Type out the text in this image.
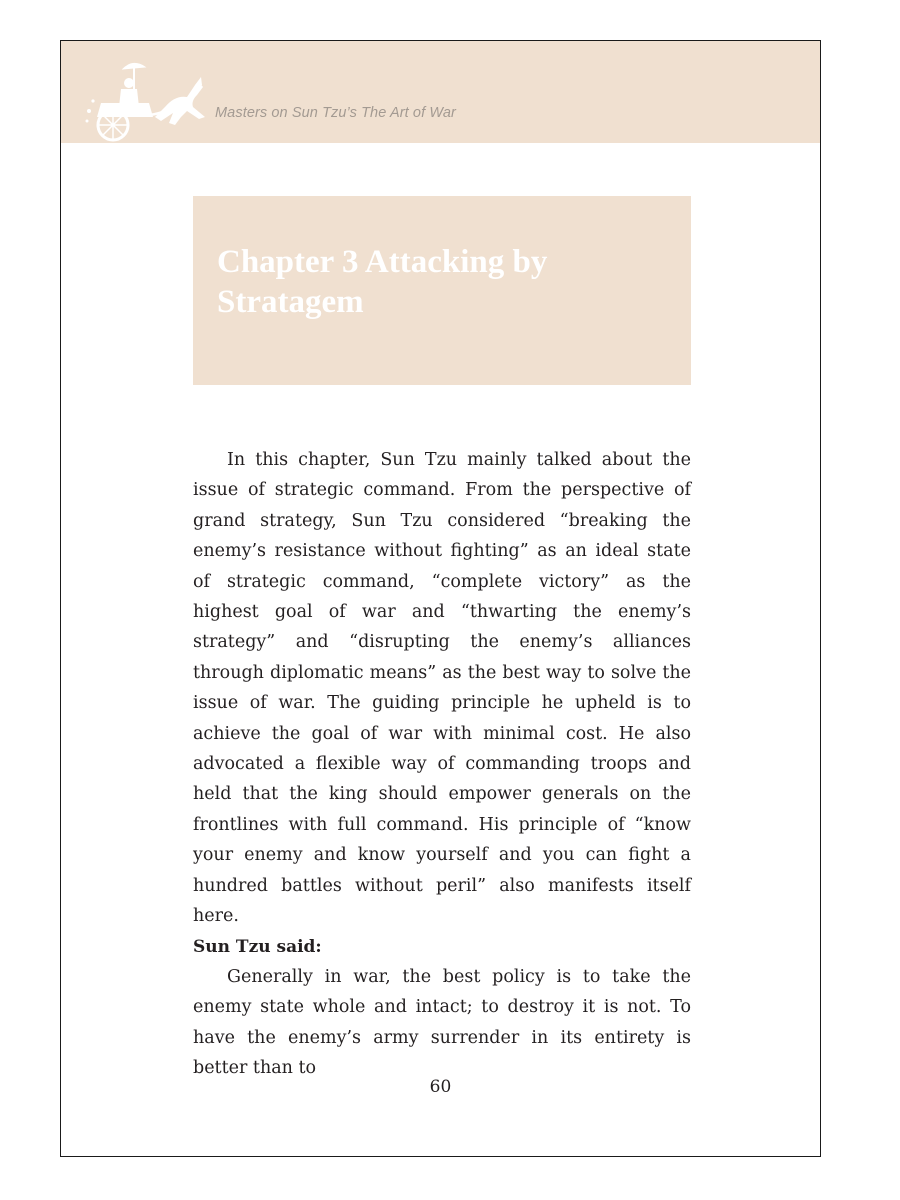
Masters on Sun Tzu’s The Art of War
Chapter 3 Attacking by Stratagem

In this chapter, Sun Tzu mainly talked about the issue of strategic command. From the perspective of grand strategy, Sun Tzu considered “breaking the enemy’s resistance without fighting” as an ideal state of strategic command, “complete victory” as the highest goal of war and “thwarting the enemy’s strategy” and “disrupting the enemy’s alliances through diplomatic means” as the best way to solve the issue of war. The guiding principle he upheld is to achieve the goal of war with minimal cost. He also advocated a flexible way of commanding troops and held that the king should empower generals on the frontlines with full command. His principle of “know your enemy and know yourself and you can fight a hundred battles without peril” also manifests itself here.

Sun Tzu said:

Generally in war, the best policy is to take the enemy state whole and intact; to destroy it is not. To have the enemy’s army surrender in its entirety is better than to

60
